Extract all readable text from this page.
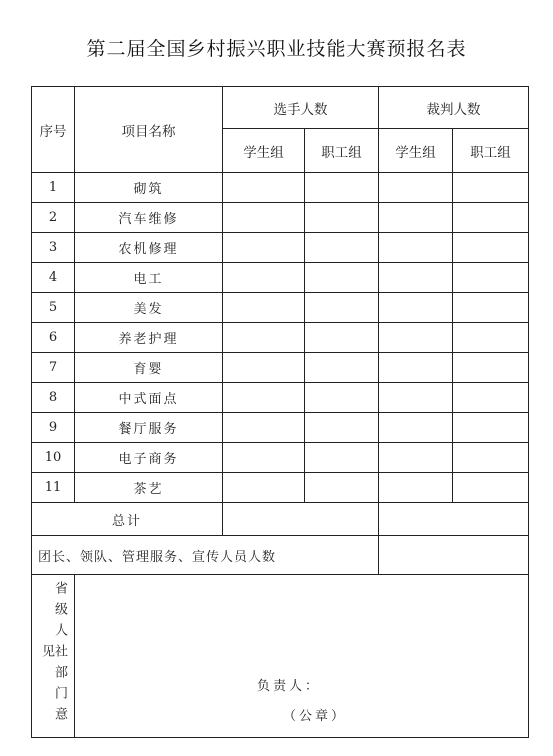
第二届全国乡村振兴职业技能大赛预报名表
序号	项目名称	选手人数		裁判人数	
		学生组	职工组	学生组	职工组
1	砌筑				
2	汽车维修				
3	农机修理				
4	电工				
5	美发				
6	养老护理				
7	育婴				
8	中式面点				
9	餐厅服务				
10	电子商务				
11	茶艺				
总计					
团长、领队、管理服务、宣传人员人数					
省级人社部门意见	负责人：
（公章）				
